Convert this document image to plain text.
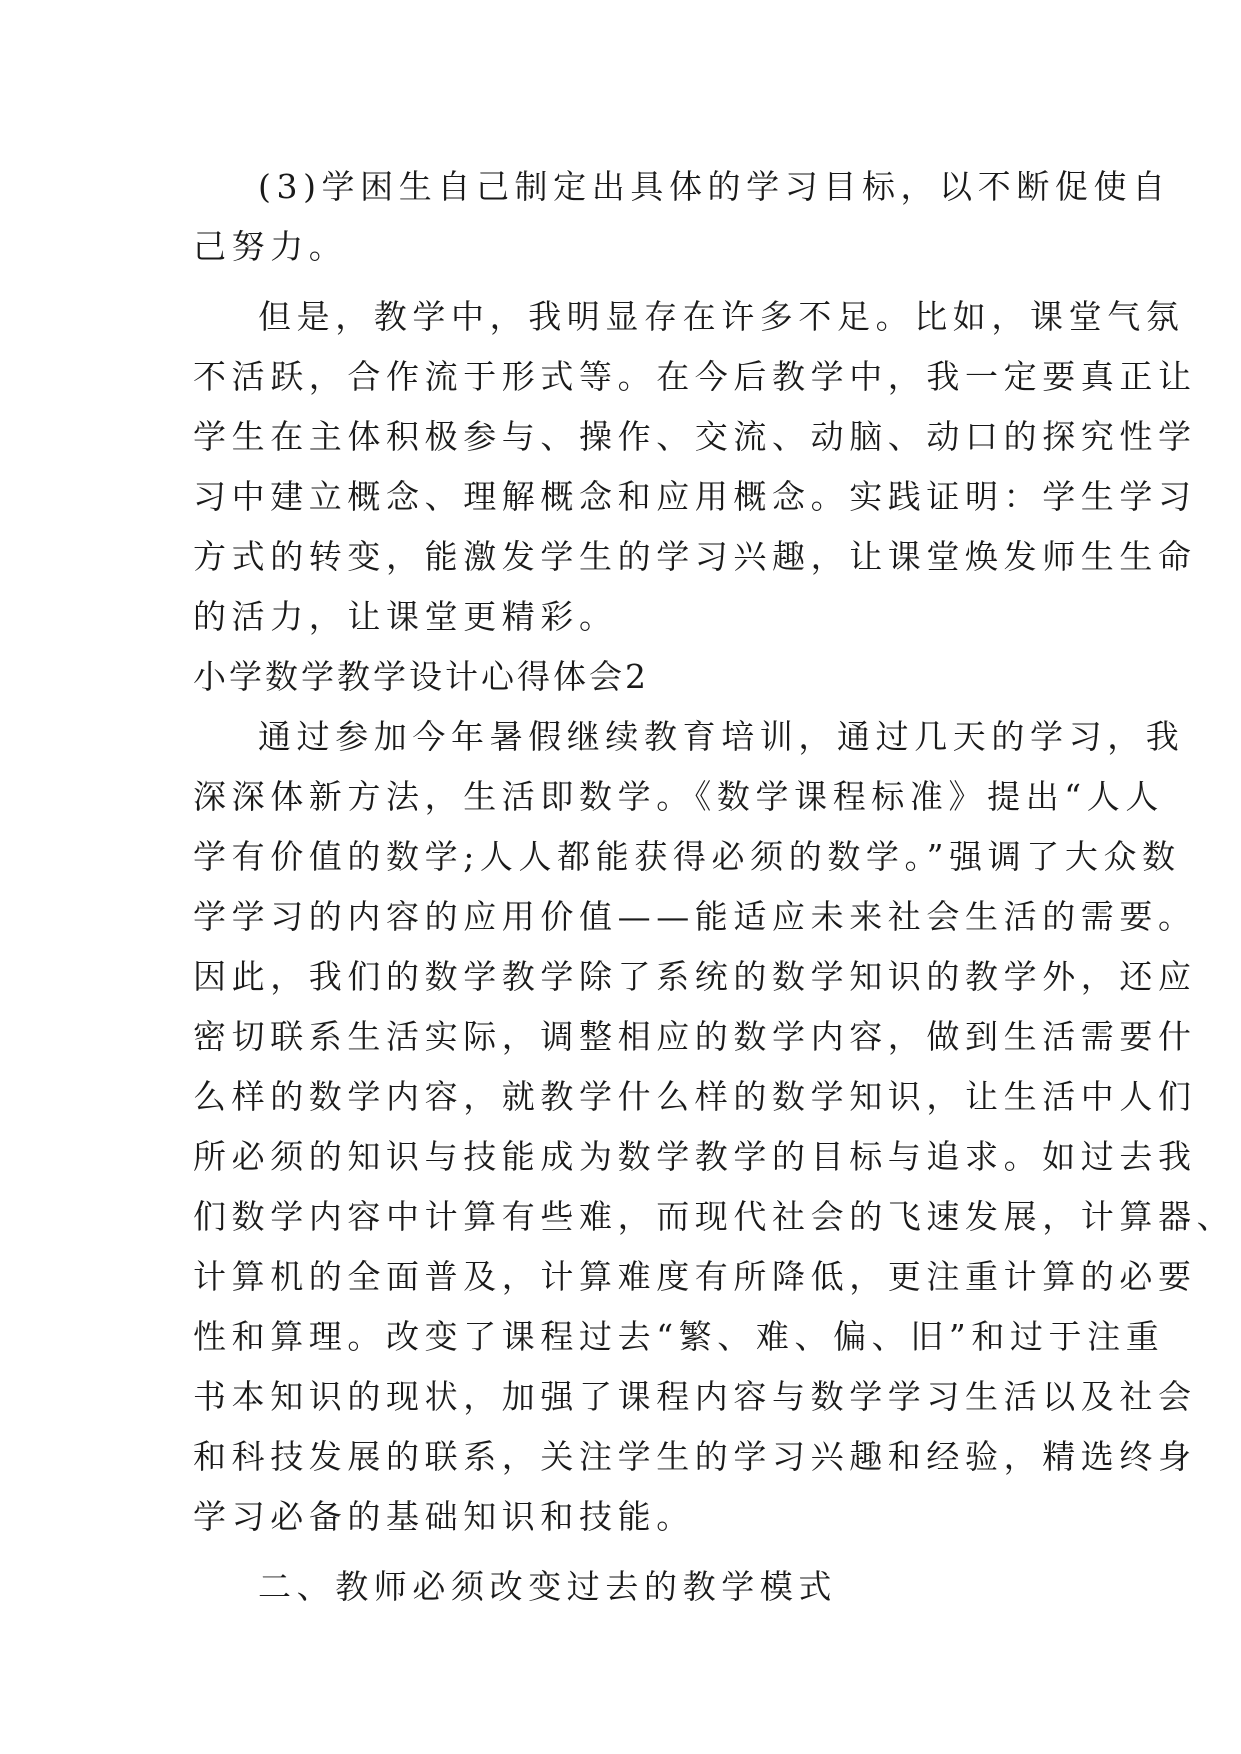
(3)学困生自己制定出具体的学习目标，以不断促使自
己努力。
但是，教学中，我明显存在许多不足。比如，课堂气氛
不活跃，合作流于形式等。在今后教学中，我一定要真正让
学生在主体积极参与、操作、交流、动脑、动口的探究性学
习中建立概念、理解概念和应用概念。实践证明：学生学习
方式的转变，能激发学生的学习兴趣，让课堂焕发师生生命
的活力，让课堂更精彩。
小学数学教学设计心得体会2
通过参加今年暑假继续教育培训，通过几天的学习，我
深深体新方法，生活即数学。《数学课程标准》提出“人人
学有价值的数学;人人都能获得必须的数学。”强调了大众数
学学习的内容的应用价值——能适应未来社会生活的需要。
因此，我们的数学教学除了系统的数学知识的教学外，还应
密切联系生活实际，调整相应的数学内容，做到生活需要什
么样的数学内容，就教学什么样的数学知识，让生活中人们
所必须的知识与技能成为数学教学的目标与追求。如过去我
们数学内容中计算有些难，而现代社会的飞速发展，计算器、
计算机的全面普及，计算难度有所降低，更注重计算的必要
性和算理。改变了课程过去“繁、难、偏、旧”和过于注重
书本知识的现状，加强了课程内容与数学学习生活以及社会
和科技发展的联系，关注学生的学习兴趣和经验，精选终身
学习必备的基础知识和技能。
二、教师必须改变过去的教学模式
